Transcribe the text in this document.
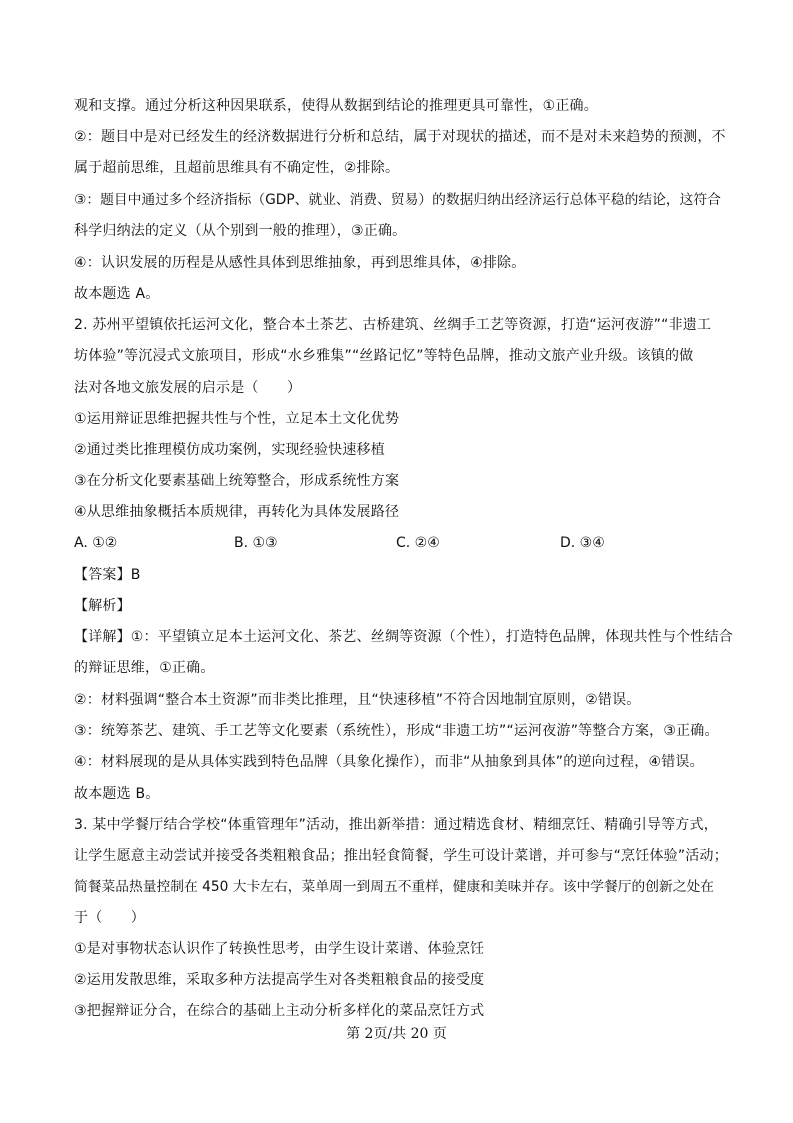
观和支撑。通过分析这种因果联系，使得从数据到结论的推理更具可靠性，①正确。
②：题目中是对已经发生的经济数据进行分析和总结，属于对现状的描述，而不是对未来趋势的预测，不
属于超前思维，且超前思维具有不确定性，②排除。
③：题目中通过多个经济指标（GDP、就业、消费、贸易）的数据归纳出经济运行总体平稳的结论，这符合
科学归纳法的定义（从个别到一般的推理），③正确。
④：认识发展的历程是从感性具体到思维抽象，再到思维具体，④排除。
故本题选 A。
2. 苏州平望镇依托运河文化，整合本土茶艺、古桥建筑、丝绸手工艺等资源，打造“运河夜游”“非遗工
坊体验”等沉浸式文旅项目，形成“水乡雅集”“丝路记忆”等特色品牌，推动文旅产业升级。该镇的做
法对各地文旅发展的启示是（　　）
①运用辩证思维把握共性与个性，立足本土文化优势
②通过类比推理模仿成功案例，实现经验快速移植
③在分析文化要素基础上统筹整合，形成系统性方案
④从思维抽象概括本质规律，再转化为具体发展路径
A. ①②	B. ①③	C. ②④	D. ③④
【答案】B
【解析】
【详解】①：平望镇立足本土运河文化、茶艺、丝绸等资源（个性），打造特色品牌，体现共性与个性结合
的辩证思维，①正确。
②：材料强调“整合本土资源”而非类比推理，且“快速移植”不符合因地制宜原则，②错误。
③：统筹茶艺、建筑、手工艺等文化要素（系统性），形成“非遗工坊”“运河夜游”等整合方案，③正确。
④：材料展现的是从具体实践到特色品牌（具象化操作），而非“从抽象到具体”的逆向过程，④错误。
故本题选 B。
3. 某中学餐厅结合学校“体重管理年”活动，推出新举措：通过精选食材、精细烹饪、精确引导等方式，
让学生愿意主动尝试并接受各类粗粮食品；推出轻食简餐，学生可设计菜谱，并可参与“烹饪体验”活动；
简餐菜品热量控制在 450 大卡左右，菜单周一到周五不重样，健康和美味并存。该中学餐厅的创新之处在
于（　　）
①是对事物状态认识作了转换性思考，由学生设计菜谱、体验烹饪
②运用发散思维，采取多种方法提高学生对各类粗粮食品的接受度
③把握辩证分合，在综合的基础上主动分析多样化的菜品烹饪方式
第 2页/共 20 页
